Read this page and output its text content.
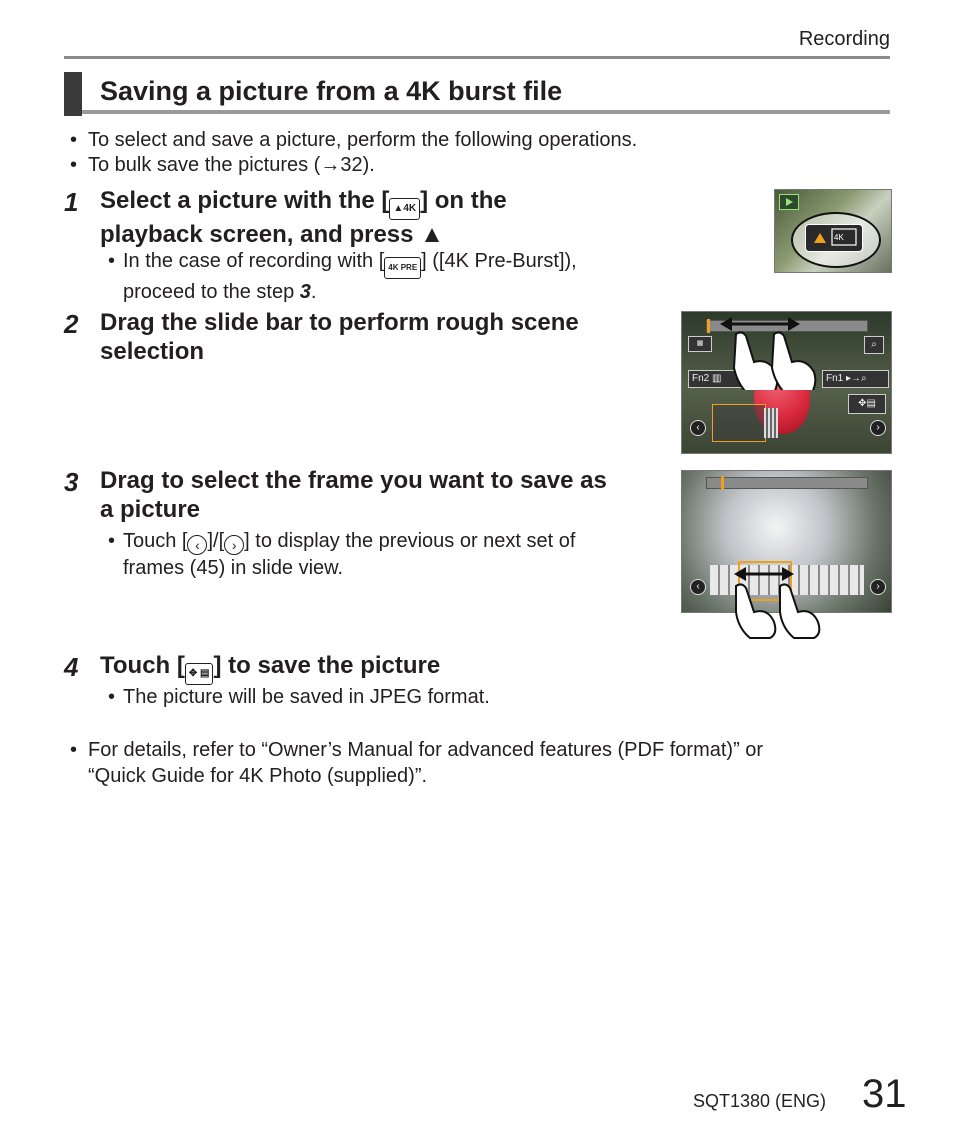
Recording
Saving a picture from a 4K burst file
• To select and save a picture, perform the following operations.
• To bulk save the pictures (→32).
1 Select a picture with the [ ▲ 4K ] on the
playback screen, and press ▲
• In the case of recording with [ 4K PRE ] ([4K Pre-Burst]),
proceed to the step 3.
4K
2 Drag the slide bar to perform rough scene
selection	▦	⌕
Fn2 ▥	Fn1 ▸→⌕
✥▤
‹	›
3 Drag to select the frame you want to save as
a picture
• Touch [ ‹ ]/[ › ] to display the previous or next set of
frames (45) in slide view.
‹	›
4 Touch [ ✥ ▤ ] to save the picture
• The picture will be saved in JPEG format.
• For details, refer to “Owner’s Manual for advanced features (PDF format)” or
“Quick Guide for 4K Photo (supplied)”.
SQT1380 (ENG) 31
